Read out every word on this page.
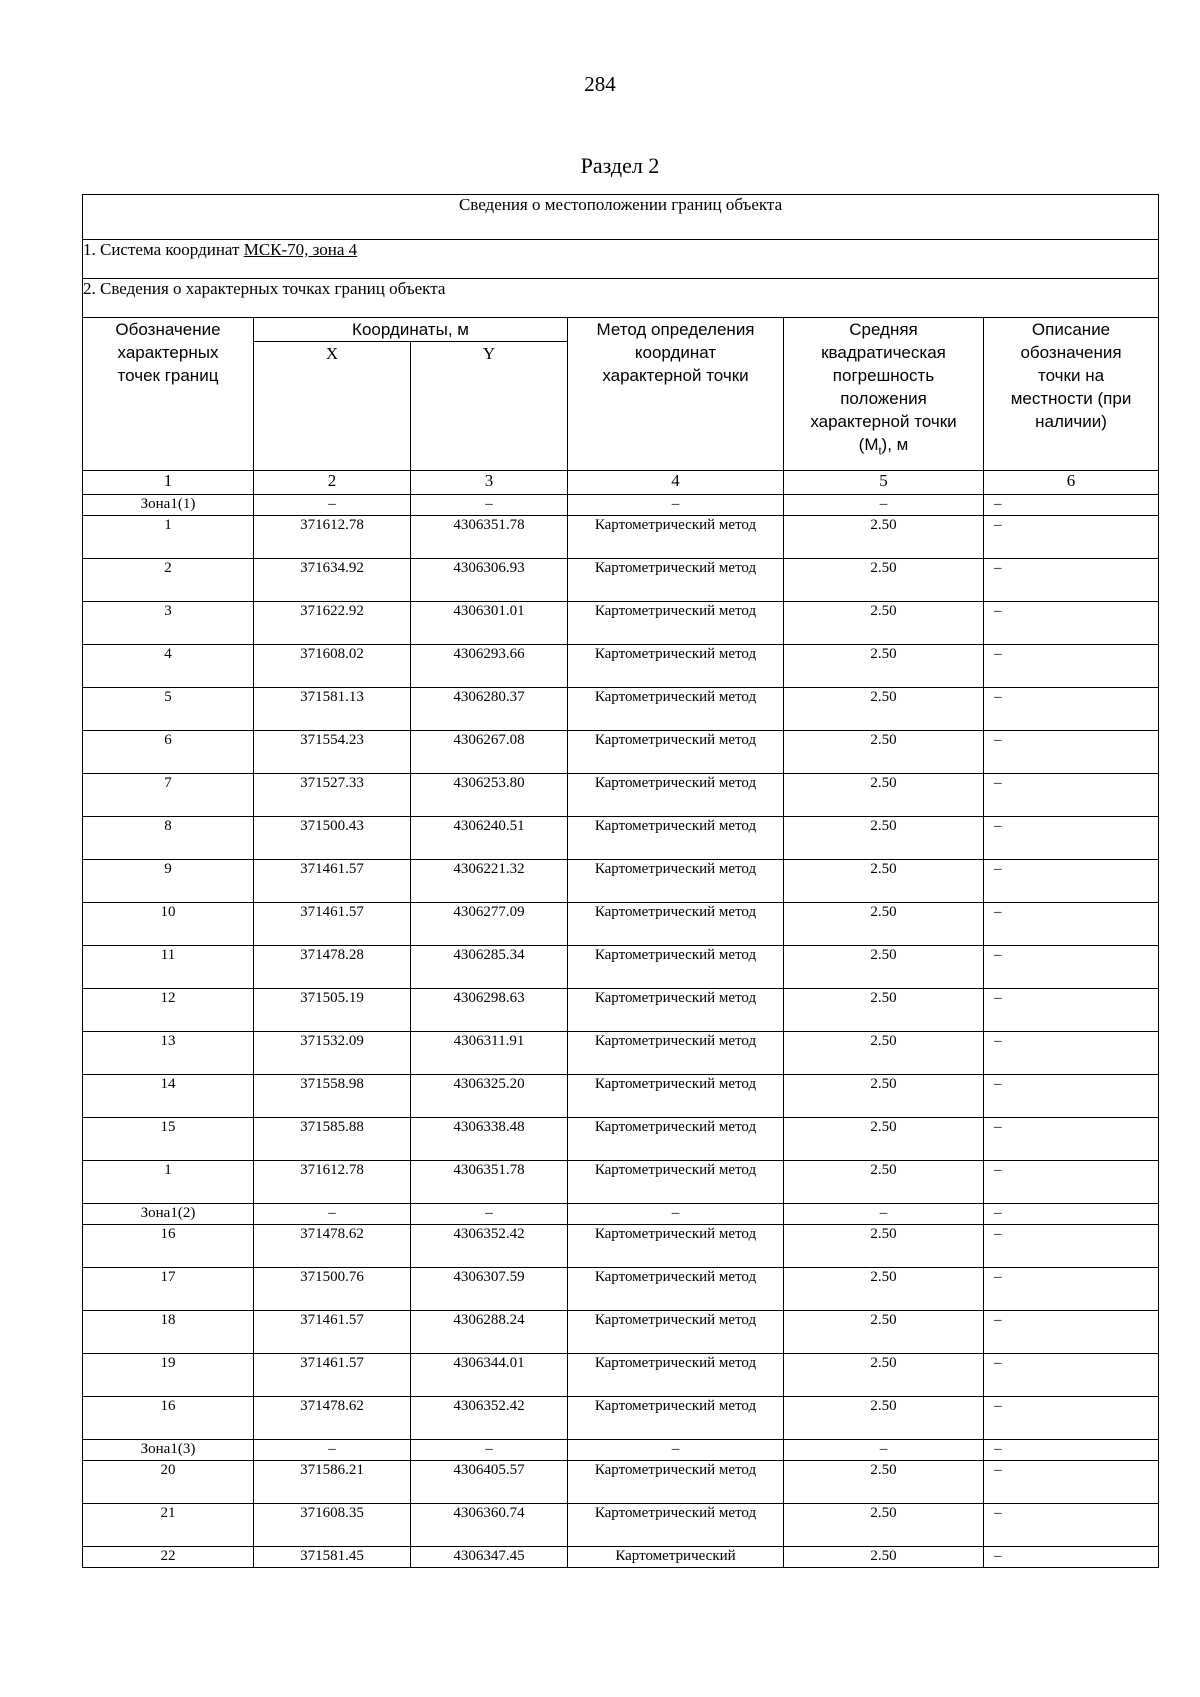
284
Раздел 2
Сведения о местоположении границ объекта					
1. Система координат МСК-70, зона 4					
2. Сведения о характерных точках границ объекта					
Обозначение характерных точек границ	Координаты, м		Метод определения координат характерной точки	Средняя квадратическая погрешность положения характерной точки $(M_t)$, м	Описание обозначения точки на местности (при наличии)
	X	Y			
1	2	3	4	5	6
Зона1(1)	–	–	–	–	–
1	371612.78	4306351.78	Картометрический метод	2.50	–
2	371634.92	4306306.93	Картометрический метод	2.50	–
3	371622.92	4306301.01	Картометрический метод	2.50	–
4	371608.02	4306293.66	Картометрический метод	2.50	–
5	371581.13	4306280.37	Картометрический метод	2.50	–
6	371554.23	4306267.08	Картометрический метод	2.50	–
7	371527.33	4306253.80	Картометрический метод	2.50	–
8	371500.43	4306240.51	Картометрический метод	2.50	–
9	371461.57	4306221.32	Картометрический метод	2.50	–
10	371461.57	4306277.09	Картометрический метод	2.50	–
11	371478.28	4306285.34	Картометрический метод	2.50	–
12	371505.19	4306298.63	Картометрический метод	2.50	–
13	371532.09	4306311.91	Картометрический метод	2.50	–
14	371558.98	4306325.20	Картометрический метод	2.50	–
15	371585.88	4306338.48	Картометрический метод	2.50	–
1	371612.78	4306351.78	Картометрический метод	2.50	–
Зона1(2)	–	–	–	–	–
16	371478.62	4306352.42	Картометрический метод	2.50	–
17	371500.76	4306307.59	Картометрический метод	2.50	–
18	371461.57	4306288.24	Картометрический метод	2.50	–
19	371461.57	4306344.01	Картометрический метод	2.50	–
16	371478.62	4306352.42	Картометрический метод	2.50	–
Зона1(3)	–	–	–	–	–
20	371586.21	4306405.57	Картометрический метод	2.50	–
21	371608.35	4306360.74	Картометрический метод	2.50	–
22	371581.45	4306347.45	Картометрический	2.50	–
